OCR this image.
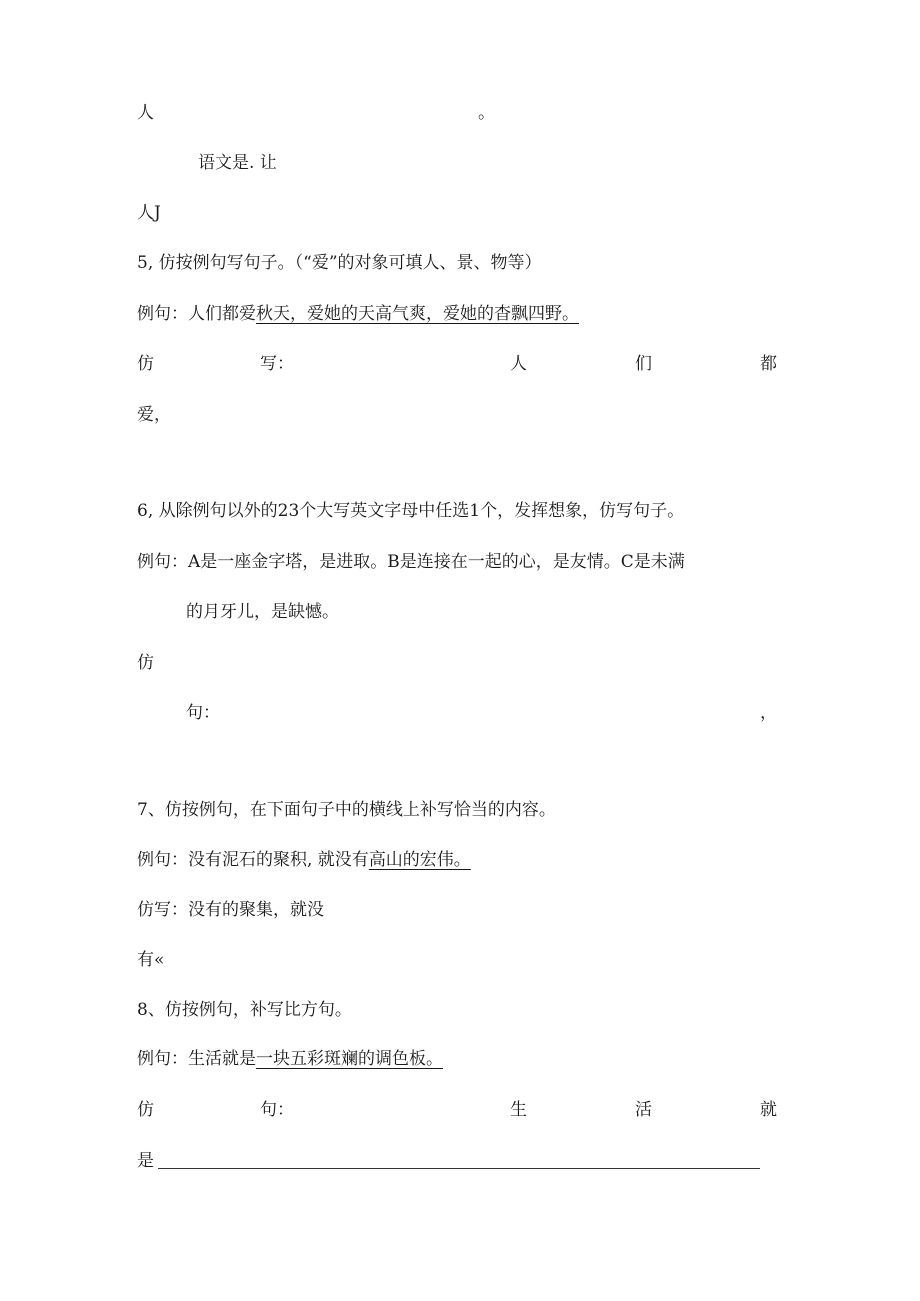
人	。
语文是. 让
人J
5, 仿按例句写句子。（“爱”的对象可填人、景、物等）
例句：人们都爱秋天，爱她的天高气爽，爱她的杳飘四野。
仿	写：	人	们	都
爱，
6, 从除例句以外的23个大写英文字母中任选1个，发挥想象，仿写句子。
例句：A是一座金字塔，是进取。B是连接在一起的心，是友情。C是未满
的月牙儿，是缺憾。
仿
句：	，
7、仿按例句，在下面句子中的横线上补写恰当的内容。
例句：没有泥石的聚积, 就没有高山的宏伟。
仿写：没有的聚集，就没
有«
8、仿按例句，补写比方句。
例句：生活就是一块五彩斑斓的调色板。
仿	句：	生	活	就
是
